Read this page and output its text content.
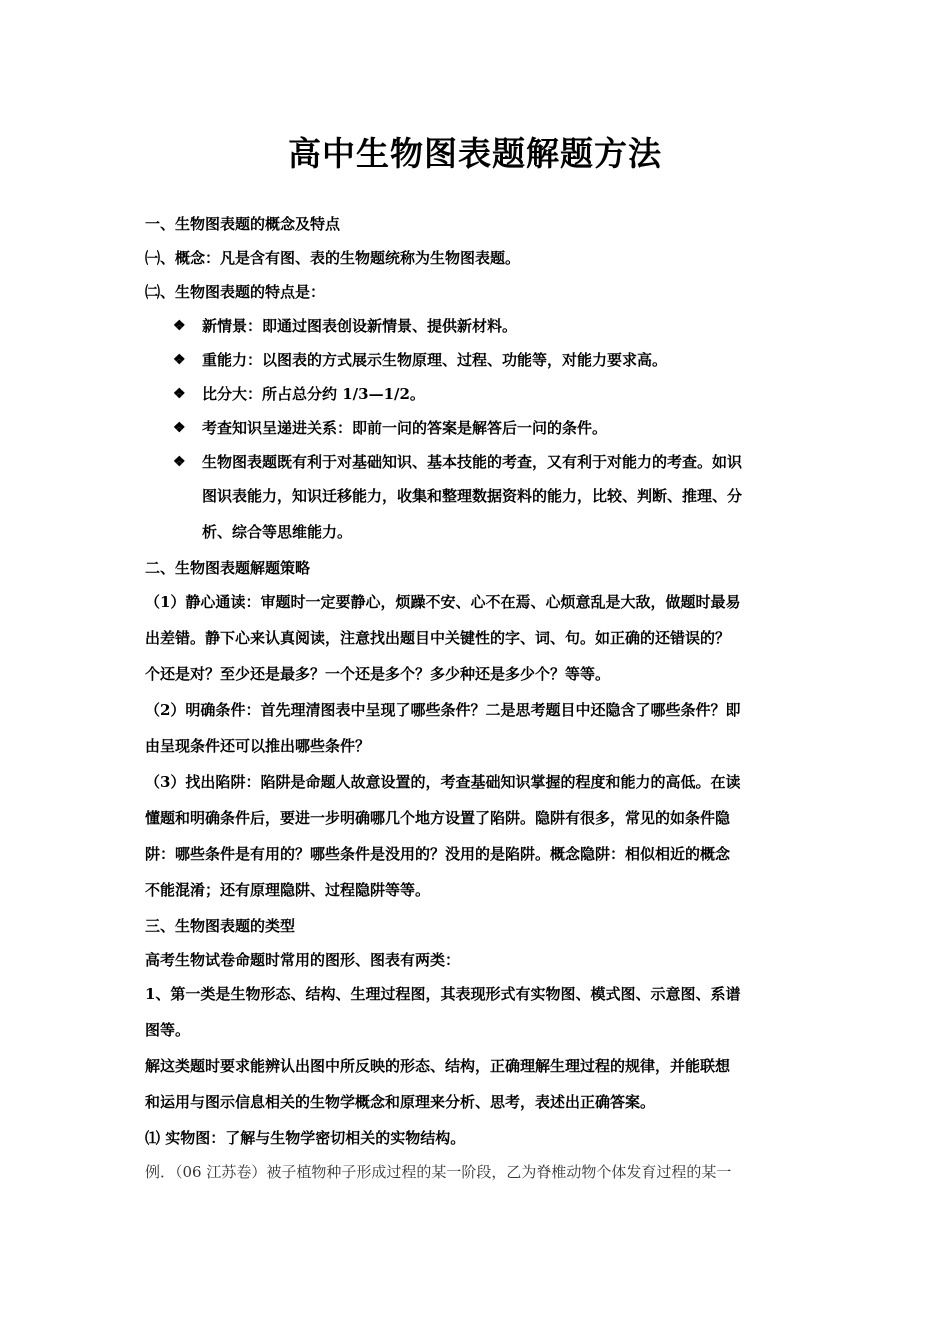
高中生物图表题解题方法
一、生物图表题的概念及特点
㈠、概念：凡是含有图、表的生物题统称为生物图表题。
㈡、生物图表题的特点是：
❖ 新情景：即通过图表创设新情景、提供新材料。
❖ 重能力：以图表的方式展示生物原理、过程、功能等，对能力要求高。
❖ 比分大：所占总分约 1/3—1/2。
❖ 考查知识呈递进关系：即前一问的答案是解答后一问的条件。
❖ 生物图表题既有利于对基础知识、基本技能的考查，又有利于对能力的考查。如识
图识表能力，知识迁移能力，收集和整理数据资料的能力，比较、判断、推理、分
析、综合等思维能力。
二、生物图表题解题策略
（1）静心通读：审题时一定要静心，烦躁不安、心不在焉、心烦意乱是大敌，做题时最易
出差错。静下心来认真阅读，注意找出题目中关键性的字、词、句。如正确的还错误的？
个还是对？至少还是最多？一个还是多个？多少种还是多少个？等等。
（2）明确条件：首先理清图表中呈现了哪些条件？二是思考题目中还隐含了哪些条件？即
由呈现条件还可以推出哪些条件？
（3）找出陷阱：陷阱是命题人故意设置的，考查基础知识掌握的程度和能力的高低。在读
懂题和明确条件后，要进一步明确哪几个地方设置了陷阱。隐阱有很多，常见的如条件隐
阱：哪些条件是有用的？哪些条件是没用的？没用的是陷阱。概念隐阱：相似相近的概念
不能混淆；还有原理隐阱、过程隐阱等等。
三、生物图表题的类型
高考生物试卷命题时常用的图形、图表有两类：
1、第一类是生物形态、结构、生理过程图，其表现形式有实物图、模式图、示意图、系谱
图等。
解这类题时要求能辨认出图中所反映的形态、结构，正确理解生理过程的规律，并能联想
和运用与图示信息相关的生物学概念和原理来分析、思考，表述出正确答案。
⑴ 实物图：了解与生物学密切相关的实物结构。
例．（06 江苏卷）被子植物种子形成过程的某一阶段，乙为脊椎动物个体发育过程的某一
